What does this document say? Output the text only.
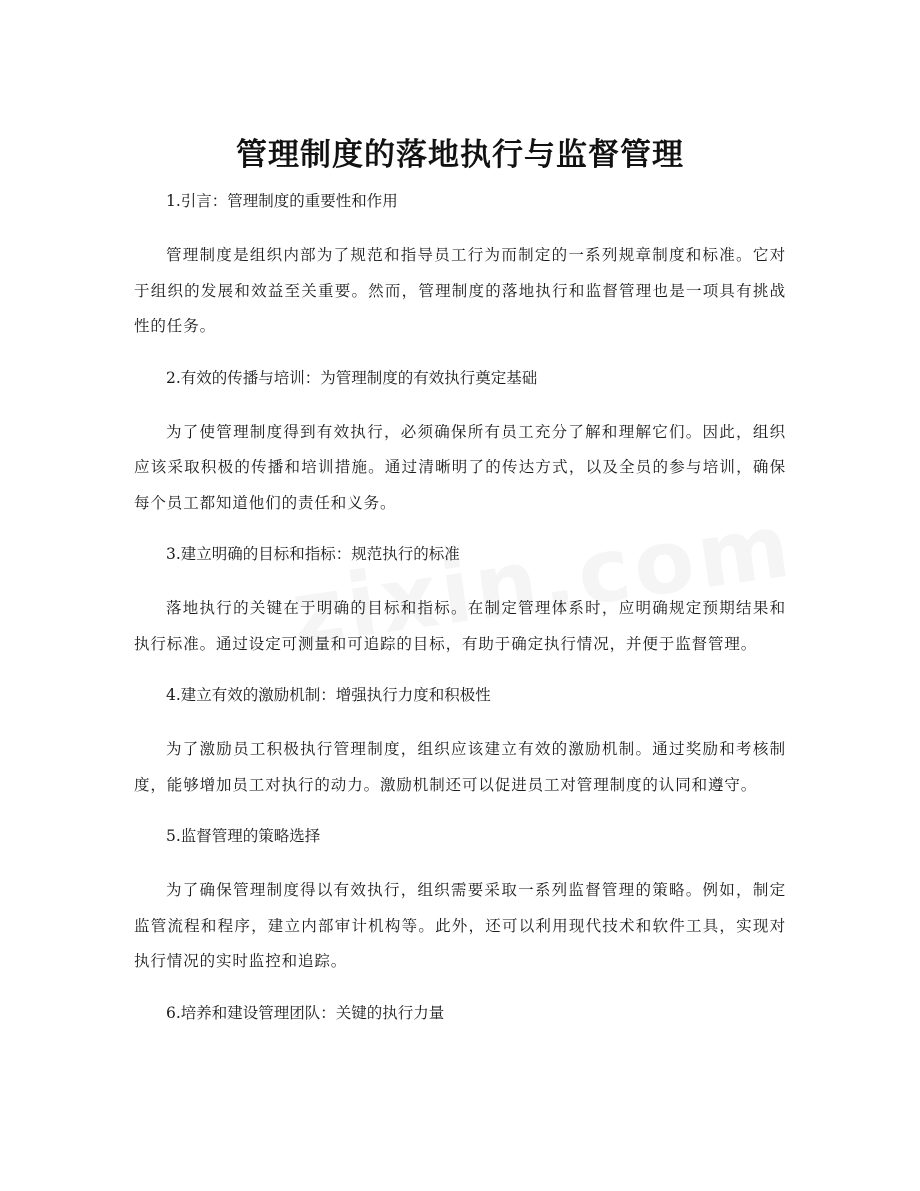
管理制度的落地执行与监督管理

1.引言：管理制度的重要性和作用

管理制度是组织内部为了规范和指导员工行为而制定的一系列规章制度和标准。它对于组织的发展和效益至关重要。然而，管理制度的落地执行和监督管理也是一项具有挑战性的任务。

2.有效的传播与培训：为管理制度的有效执行奠定基础

为了使管理制度得到有效执行，必须确保所有员工充分了解和理解它们。因此，组织应该采取积极的传播和培训措施。通过清晰明了的传达方式，以及全员的参与培训，确保每个员工都知道他们的责任和义务。

3.建立明确的目标和指标：规范执行的标准

落地执行的关键在于明确的目标和指标。在制定管理体系时，应明确规定预期结果和执行标准。通过设定可测量和可追踪的目标，有助于确定执行情况，并便于监督管理。

4.建立有效的激励机制：增强执行力度和积极性

为了激励员工积极执行管理制度，组织应该建立有效的激励机制。通过奖励和考核制度，能够增加员工对执行的动力。激励机制还可以促进员工对管理制度的认同和遵守。

5.监督管理的策略选择

为了确保管理制度得以有效执行，组织需要采取一系列监督管理的策略。例如，制定监管流程和程序，建立内部审计机构等。此外，还可以利用现代技术和软件工具，实现对执行情况的实时监控和追踪。

6.培养和建设管理团队：关键的执行力量
